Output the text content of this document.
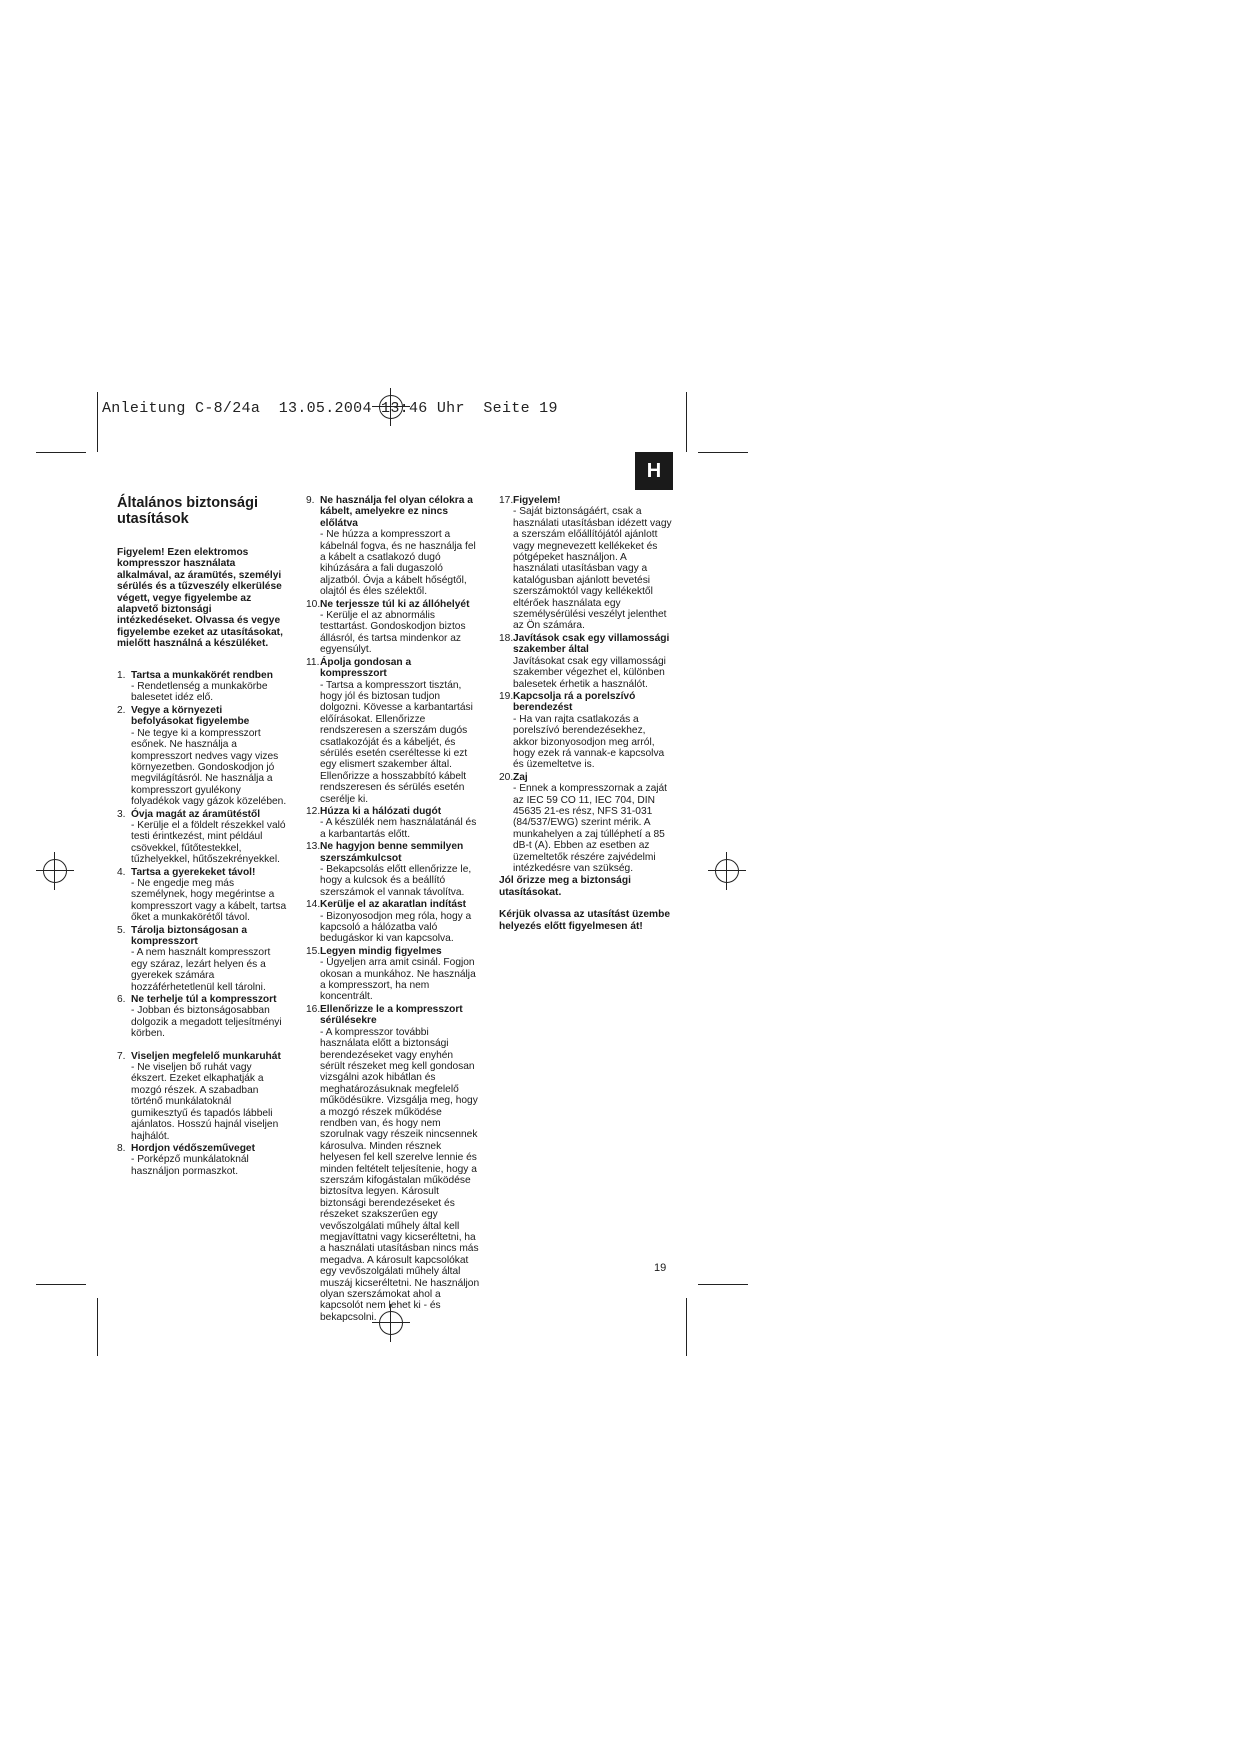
Anleitung C-8/24a  13.05.2004 13:46 Uhr  Seite 19
H
Általános biztonsági utasítások
Figyelem! Ezen elektromos kompresszor használata alkalmával, az áramütés, személyi sérülés és a tűzveszély elkerülése végett, vegye figyelembe az alapvető biztonsági intézkedéseket. Olvassa és vegye figyelembe ezeket az utasításokat, mielőtt használná a készüléket.
1. Tartsa a munkakörét rendben
- Rendetlenség a munkakörbe balesetet idéz elő.
2. Vegye a környezeti befolyásokat figyelembe
- Ne tegye ki a kompresszort esőnek. Ne használja a kompresszort nedves vagy vizes környezetben. Gondoskodjon jó megvilágításról. Ne használja a kompresszort gyulékony folyadékok vagy gázok közelében.
3. Óvja magát az áramütéstől
- Kerülje el a földelt részekkel való testi érintkezést, mint például csövekkel, fűtőtestekkel, tűzhelyekkel, hűtőszekrényekkel.
4. Tartsa a gyerekeket távol!
- Ne engedje meg más személynek, hogy megérintse a kompresszort vagy a kábelt, tartsa őket a munkakörétől távol.
5. Tárolja biztonságosan a kompresszort
- A nem használt kompresszort egy száraz, lezárt helyen és a gyerekek számára hozzáférhetetlenül kell tárolni.
6. Ne terhelje túl a kompresszort
- Jobban és biztonságosabban dolgozik a megadott teljesítményi körben.
7. Viseljen megfelelő munkaruhát
- Ne viseljen bő ruhát vagy ékszert. Ezeket elkaphatják a mozgó részek. A szabadban történő munkálatoknál gumikesztyű és tapadós lábbeli ajánlatos. Hosszú hajnál viseljen hajhálót.
8. Hordjon védőszeműveget
- Porképző munkálatoknál használjon pormaszkot.
9. Ne használja fel olyan célokra a kábelt, amelyekre ez nincs előlátva
- Ne húzza a kompresszort a kábelnál fogva, és ne használja fel a kábelt a csatlakozó dugó kihúzására a fali dugaszoló aljzatból. Óvja a kábelt hőségtől, olajtól és éles szélektől.
10. Ne terjessze túl ki az állóhelyét
- Kerülje el az abnormális testtartást. Gondoskodjon biztos állásról, és tartsa mindenkor az egyensúlyt.
11. Ápolja gondosan a kompresszort
- Tartsa a kompresszort tisztán, hogy jól és biztosan tudjon dolgozni. Kövesse a karbantartási előírásokat. Ellenőrizze rendszeresen a szerszám dugós csatlakozóját és a kábeljét, és sérülés esetén cseréltesse ki ezt egy elismert szakember által. Ellenőrizze a hosszabbító kábelt rendszeresen és sérülés esetén cserélje ki.
12. Húzza ki a hálózati dugót
- A készülék nem használatánál és a karbantartás előtt.
13. Ne hagyjon benne semmilyen szerszámkulcsot
- Bekapcsolás előtt ellenőrizze le, hogy a kulcsok és a beállító szerszámok el vannak távolítva.
14. Kerülje el az akaratlan indítást
- Bizonyosodjon meg róla, hogy a kapcsoló a hálózatba való bedugáskor ki van kapcsolva.
15. Legyen mindig figyelmes
- Ügyeljen arra amit csinál. Fogjon okosan a munkához. Ne használja a kompresszort, ha nem koncentrált.
16. Ellenőrizze le a kompresszort sérülésekre
- A kompresszor további használata előtt a biztonsági berendezéseket vagy enyhén sérült részeket meg kell gondosan vizsgálni azok hibátlan és meghatározásuknak megfelelő működésükre. Vizsgálja meg, hogy a mozgó részek működése rendben van, és hogy nem szorulnak vagy részeik nincsennek károsulva. Minden résznek helyesen fel kell szerelve lennie és minden feltételt teljesítenie, hogy a szerszám kifogástalan működése biztosítva legyen. Károsult biztonsági berendezéseket és részeket szakszerűen egy vevőszolgálati műhely által kell megjavíttatni vagy kicseréltetni, ha a használati utasításban nincs más megadva. A károsult kapcsolókat egy vevőszolgálati műhely által muszáj kicseréltetni. Ne használjon olyan szerszámokat ahol a kapcsolót nem lehet ki - és bekapcsolni.
17. Figyelem!
- Saját biztonságáért, csak a használati utasításban idézett vagy a szerszám előállítójától ajánlott vagy megnevezett kellékeket és pótgépeket használjon. A használati utasításban vagy a katalógusban ajánlott bevetési szerszámoktól vagy kellékektől eltérőek használata egy személysérülési veszélyt jelenthet az Ön számára.
18. Javítások csak egy villamossági szakember által
Javításokat csak egy villamossági szakember végezhet el, különben balesetek érhetik a használót.
19. Kapcsolja rá a porelszívó berendezést
- Ha van rajta csatlakozás a porelszívó berendezésekhez, akkor bizonyosodjon meg arról, hogy ezek rá vannak-e kapcsolva és üzemeltetve is.
20. Zaj
- Ennek a kompresszornak a zaját az IEC 59 CO 11, IEC 704, DIN 45635 21-es rész, NFS 31-031 (84/537/EWG) szerint mérik. A munkahelyen a zaj túlléphetí a 85 dB-t (A). Ebben az esetben az üzemeltetők részére zajvédelmi intézkedésre van szükség.
Jól őrizze meg a biztonsági utasításokat.
Kérjük olvassa az utasítást üzembe helyezés előtt figyelmesen át!
19
